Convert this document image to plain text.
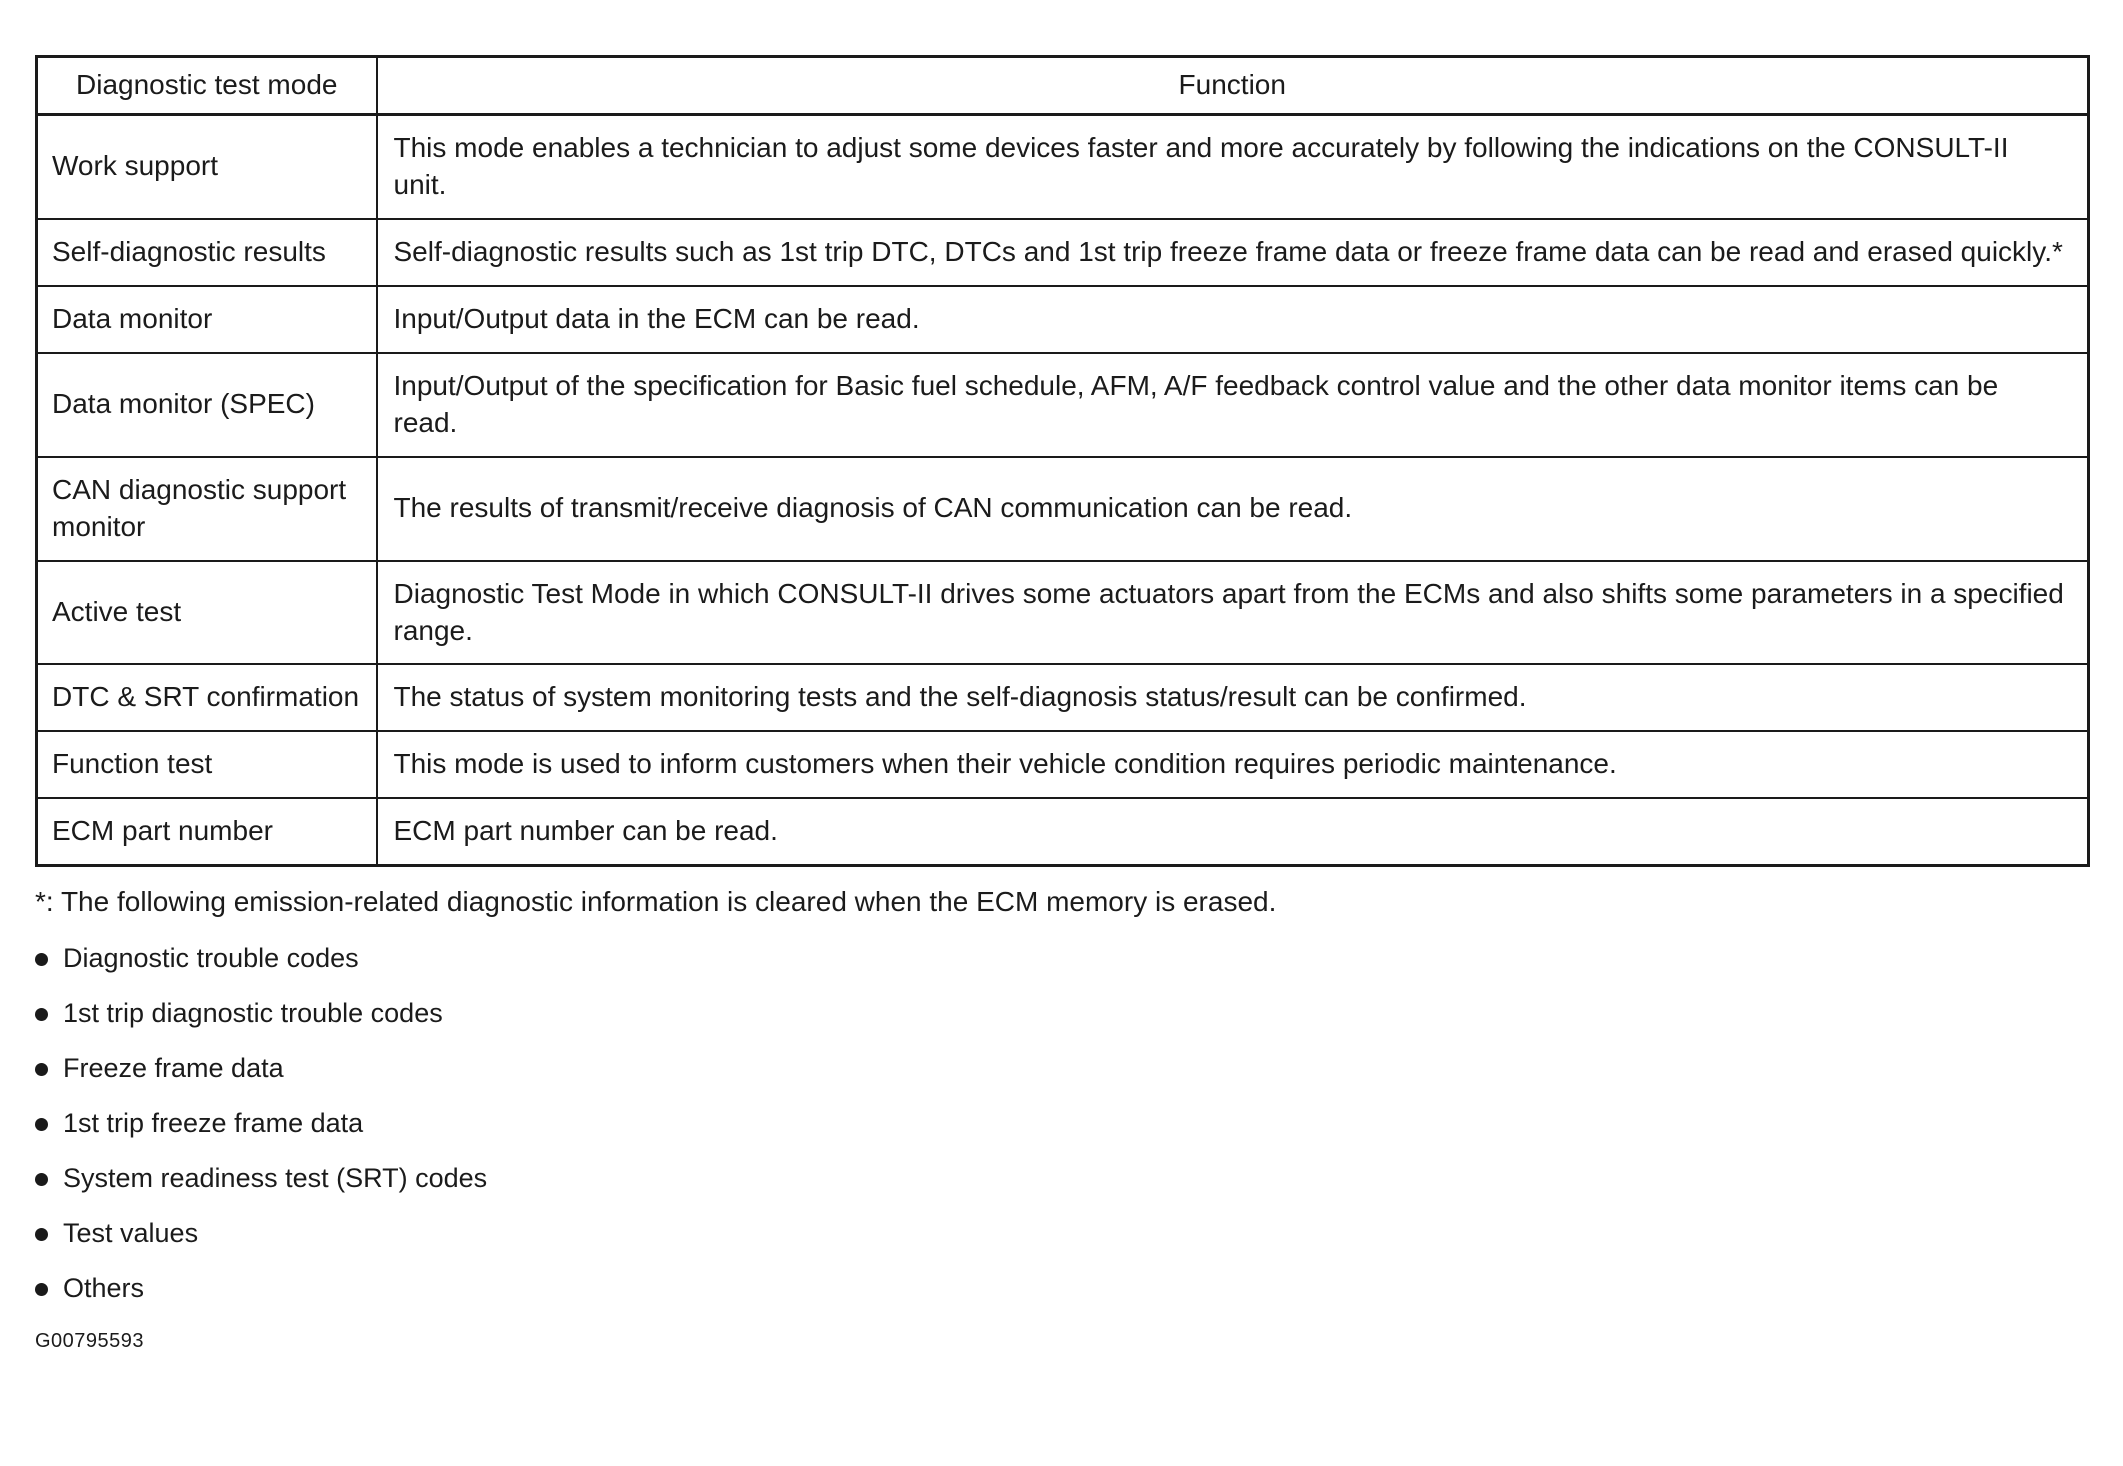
Diagnostic test mode	Function
Work support	This mode enables a technician to adjust some devices faster and more accurately by following the indications on the CONSULT-II unit.
Self-diagnostic results	Self-diagnostic results such as 1st trip DTC, DTCs and 1st trip freeze frame data or freeze frame data can be read and erased quickly.*
Data monitor	Input/Output data in the ECM can be read.
Data monitor (SPEC)	Input/Output of the specification for Basic fuel schedule, AFM, A/F feedback control value and the other data monitor items can be read.
CAN diagnostic support monitor	The results of transmit/receive diagnosis of CAN communication can be read.
Active test	Diagnostic Test Mode in which CONSULT-II drives some actuators apart from the ECMs and also shifts some parameters in a specified range.
DTC & SRT confirmation	The status of system monitoring tests and the self-diagnosis status/result can be confirmed.
Function test	This mode is used to inform customers when their vehicle condition requires periodic maintenance.
ECM part number	ECM part number can be read.
*: The following emission-related diagnostic information is cleared when the ECM memory is erased.
Diagnostic trouble codes
1st trip diagnostic trouble codes
Freeze frame data
1st trip freeze frame data
System readiness test (SRT) codes
Test values
Others
G00795593
